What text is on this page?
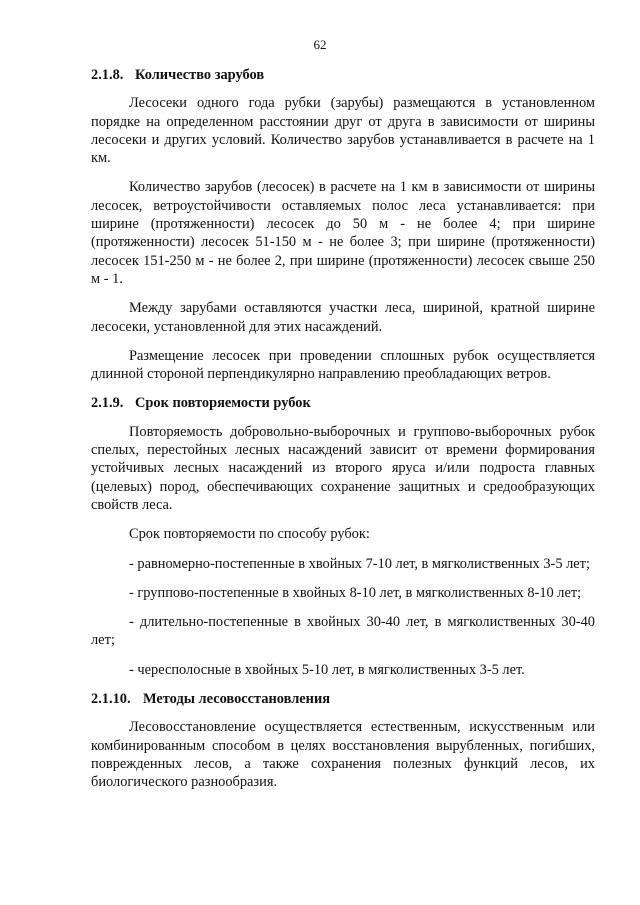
62
2.1.8. Количество зарубов

Лесосеки одного года рубки (зарубы) размещаются в установленном порядке на определенном расстоянии друг от друга в зависимости от ширины лесосеки и других условий. Количество зарубов устанавливается в расчете на 1 км.

Количество зарубов (лесосек) в расчете на 1 км в зависимости от ширины лесосек, ветроустойчивости оставляемых полос леса устанавливается: при ширине (протяженности) лесосек до 50 м - не более 4; при ширине (протяженности) лесосек 51-150 м - не более 3; при ширине (протяженности) лесосек 151-250 м - не более 2, при ширине (протяженности) лесосек свыше 250 м - 1.

Между зарубами оставляются участки леса, шириной, кратной ширине лесосеки, установленной для этих насаждений.

Размещение лесосек при проведении сплошных рубок осуществляется длинной стороной перпендикулярно направлению преобладающих ветров.

2.1.9. Срок повторяемости рубок

Повторяемость добровольно-выборочных и группово-выборочных рубок спелых, перестойных лесных насаждений зависит от времени формирования устойчивых лесных насаждений из второго яруса и/или подроста главных (целевых) пород, обеспечивающих сохранение защитных и средообразующих свойств леса.

Срок повторяемости по способу рубок:

- равномерно-постепенные в хвойных 7-10 лет, в мягколиственных 3-5 лет;

- группово-постепенные в хвойных 8-10 лет, в мягколиственных 8-10 лет;

- длительно-постепенные в хвойных 30-40 лет, в мягколиственных 30-40 лет;

- чересполосные в хвойных 5-10 лет, в мягколиственных 3-5 лет.

2.1.10. Методы лесовосстановления

Лесовосстановление осуществляется естественным, искусственным или комбинированным способом в целях восстановления вырубленных, погибших, поврежденных лесов, а также сохранения полезных функций лесов, их биологического разнообразия.
